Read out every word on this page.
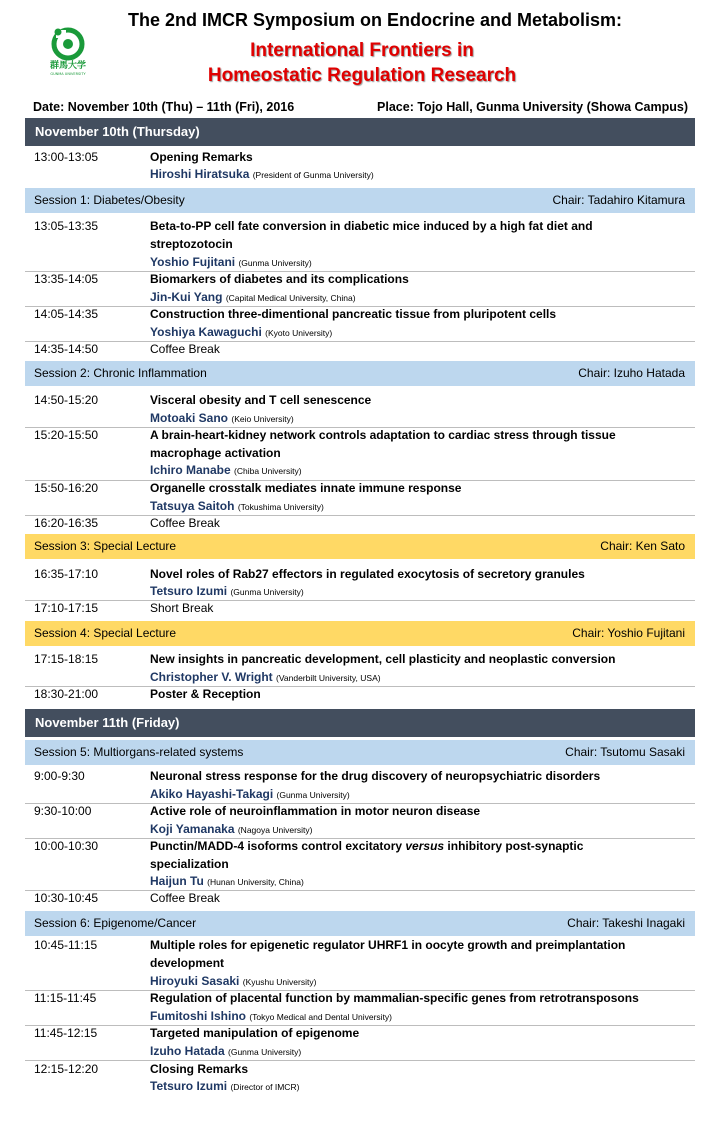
群馬大学
GUNMA UNIVERSITY
The 2nd IMCR Symposium on Endocrine and Metabolism:
International Frontiers in
Homeostatic Regulation Research
Date: November 10th (Thu) – 11th (Fri), 2016	Place: Tojo Hall, Gunma University (Showa Campus)
November 10th (Thursday)
13:00-13:05	Opening Remarks
Hiroshi Hiratsuka (President of Gunma University)
Session 1: Diabetes/Obesity	Chair: Tadahiro Kitamura
13:05-13:35	Beta-to-PP cell fate conversion in diabetic mice induced by a high fat diet and
streptozotocin
Yoshio Fujitani (Gunma University)
13:35-14:05	Biomarkers of diabetes and its complications
Jin-Kui Yang (Capital Medical University, China)
14:05-14:35	Construction three-dimentional pancreatic tissue from pluripotent cells
Yoshiya Kawaguchi (Kyoto University)
14:35-14:50	Coffee Break
Session 2: Chronic Inflammation	Chair: Izuho Hatada
14:50-15:20	Visceral obesity and T cell senescence
Motoaki Sano (Keio University)
15:20-15:50	A brain-heart-kidney network controls adaptation to cardiac stress through tissue
macrophage activation
Ichiro Manabe (Chiba University)
15:50-16:20	Organelle crosstalk mediates innate immune response
Tatsuya Saitoh (Tokushima University)
16:20-16:35	Coffee Break
Session 3: Special Lecture	Chair: Ken Sato
16:35-17:10	Novel roles of Rab27 effectors in regulated exocytosis of secretory granules
Tetsuro Izumi (Gunma University)
17:10-17:15	Short Break
Session 4: Special Lecture	Chair: Yoshio Fujitani
17:15-18:15	New insights in pancreatic development, cell plasticity and neoplastic conversion
Christopher V. Wright (Vanderbilt University, USA)
18:30-21:00	Poster & Reception
November 11th (Friday)
Session 5: Multiorgans-related systems	Chair: Tsutomu Sasaki
9:00-9:30	Neuronal stress response for the drug discovery of neuropsychiatric disorders
Akiko Hayashi-Takagi (Gunma University)
9:30-10:00	Active role of neuroinflammation in motor neuron disease
Koji Yamanaka (Nagoya University)
10:00-10:30	Punctin/MADD-4 isoforms control excitatory versus inhibitory post-synaptic
specialization
Haijun Tu (Hunan University, China)
10:30-10:45	Coffee Break
Session 6: Epigenome/Cancer	Chair: Takeshi Inagaki
10:45-11:15	Multiple roles for epigenetic regulator UHRF1 in oocyte growth and preimplantation
development
Hiroyuki Sasaki (Kyushu University)
11:15-11:45	Regulation of placental function by mammalian-specific genes from retrotransposons
Fumitoshi Ishino (Tokyo Medical and Dental University)
11:45-12:15	Targeted manipulation of epigenome
Izuho Hatada (Gunma University)
12:15-12:20	Closing Remarks
Tetsuro Izumi (Director of IMCR)
